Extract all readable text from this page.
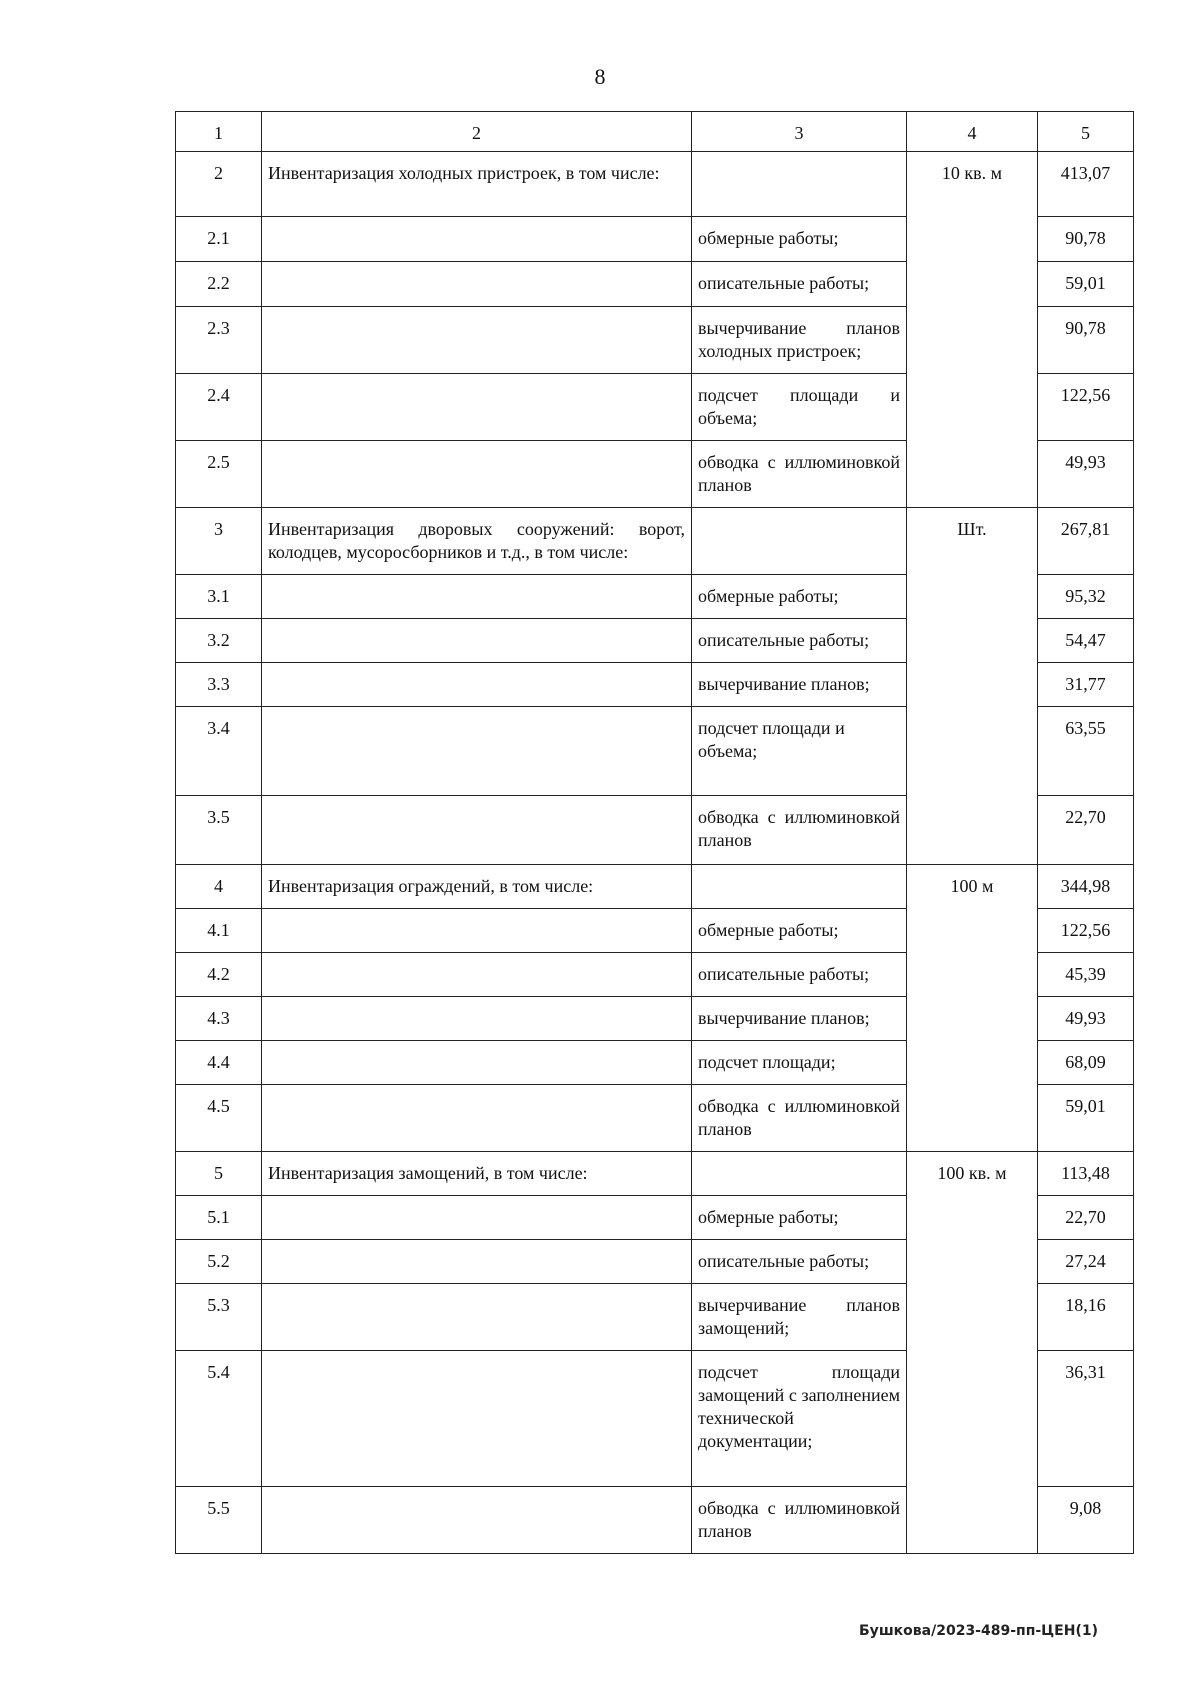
8
1	2	3	4	5
2	Инвентаризация холодных пристроек, в том числе:		10 кв. м	413,07
2.1		обмерные работы;		90,78
2.2		описательные работы;		59,01
2.3		вычерчивание планов холодных пристроек;		90,78
2.4		подсчет площади и объема;		122,56
2.5		обводка с иллюминовкой планов		49,93
3	Инвентаризация дворовых сооружений: ворот, колодцев, мусоросборников и т.д., в том числе:		Шт.	267,81
3.1		обмерные работы;		95,32
3.2		описательные работы;		54,47
3.3		вычерчивание планов;		31,77
3.4		подсчет площади и объема;		63,55
3.5		обводка с иллюминовкой планов		22,70
4	Инвентаризация ограждений, в том числе:		100 м	344,98
4.1		обмерные работы;		122,56
4.2		описательные работы;		45,39
4.3		вычерчивание планов;		49,93
4.4		подсчет площади;		68,09
4.5		обводка с иллюминовкой планов		59,01
5	Инвентаризация замощений, в том числе:		100 кв. м	113,48
5.1		обмерные работы;		22,70
5.2		описательные работы;		27,24
5.3		вычерчивание планов замощений;		18,16
5.4		подсчет площади замощений с заполнением технической документации;		36,31
5.5		обводка с иллюминовкой планов		9,08
Бушкова/2023-489-пп-ЦЕН(1)
